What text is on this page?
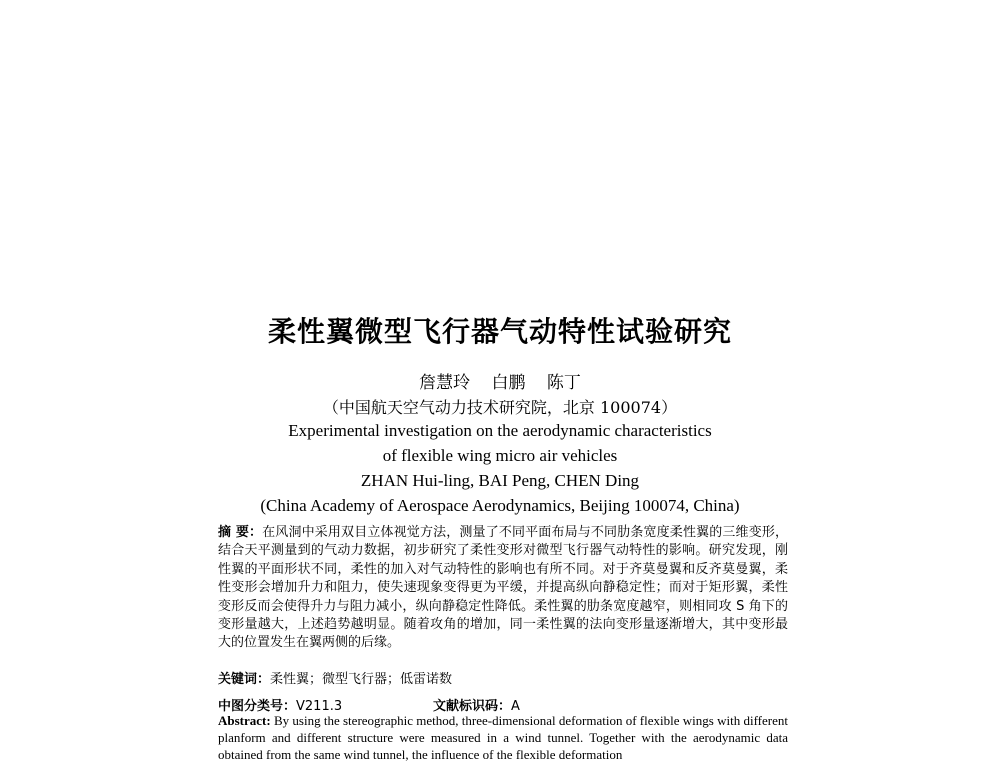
柔性翼微型飞行器气动特性试验研究
詹慧玲 白鹏 陈丁
（中国航天空气动力技术研究院，北京 100074）
Experimental investigation on the aerodynamic characteristics
of flexible wing micro air vehicles
ZHAN Hui-ling, BAI Peng, CHEN Ding
(China Academy of Aerospace Aerodynamics, Beijing 100074, China)
摘 要：在风洞中采用双目立体视觉方法，测量了不同平面布局与不同肋条宽度柔性翼的三维变形，结合天平测量到的气动力数据，初步研究了柔性变形对微型飞行器气动特性的影响。研究发现，刚性翼的平面形状不同，柔性的加入对气动特性的影响也有所不同。对于齐莫曼翼和反齐莫曼翼，柔性变形会增加升力和阻力，使失速现象变得更为平缓，并提高纵向静稳定性；而对于矩形翼，柔性变形反而会使得升力与阻力减小，纵向静稳定性降低。柔性翼的肋条宽度越窄，则相同攻 S 角下的变形量越大，上述趋势越明显。随着攻角的增加，同一柔性翼的法向变形量逐渐增大，其中变形最大的位置发生在翼两侧的后缘。
关键词：柔性翼；微型飞行器；低雷诺数
中图分类号：V211.3	文献标识码：A
Abstract: By using the stereographic method, three-dimensional deformation of flexible wings with different planform and different structure were measured in a wind tunnel. Together with the aerodynamic data obtained from the same wind tunnel, the influence of the flexible deformation
